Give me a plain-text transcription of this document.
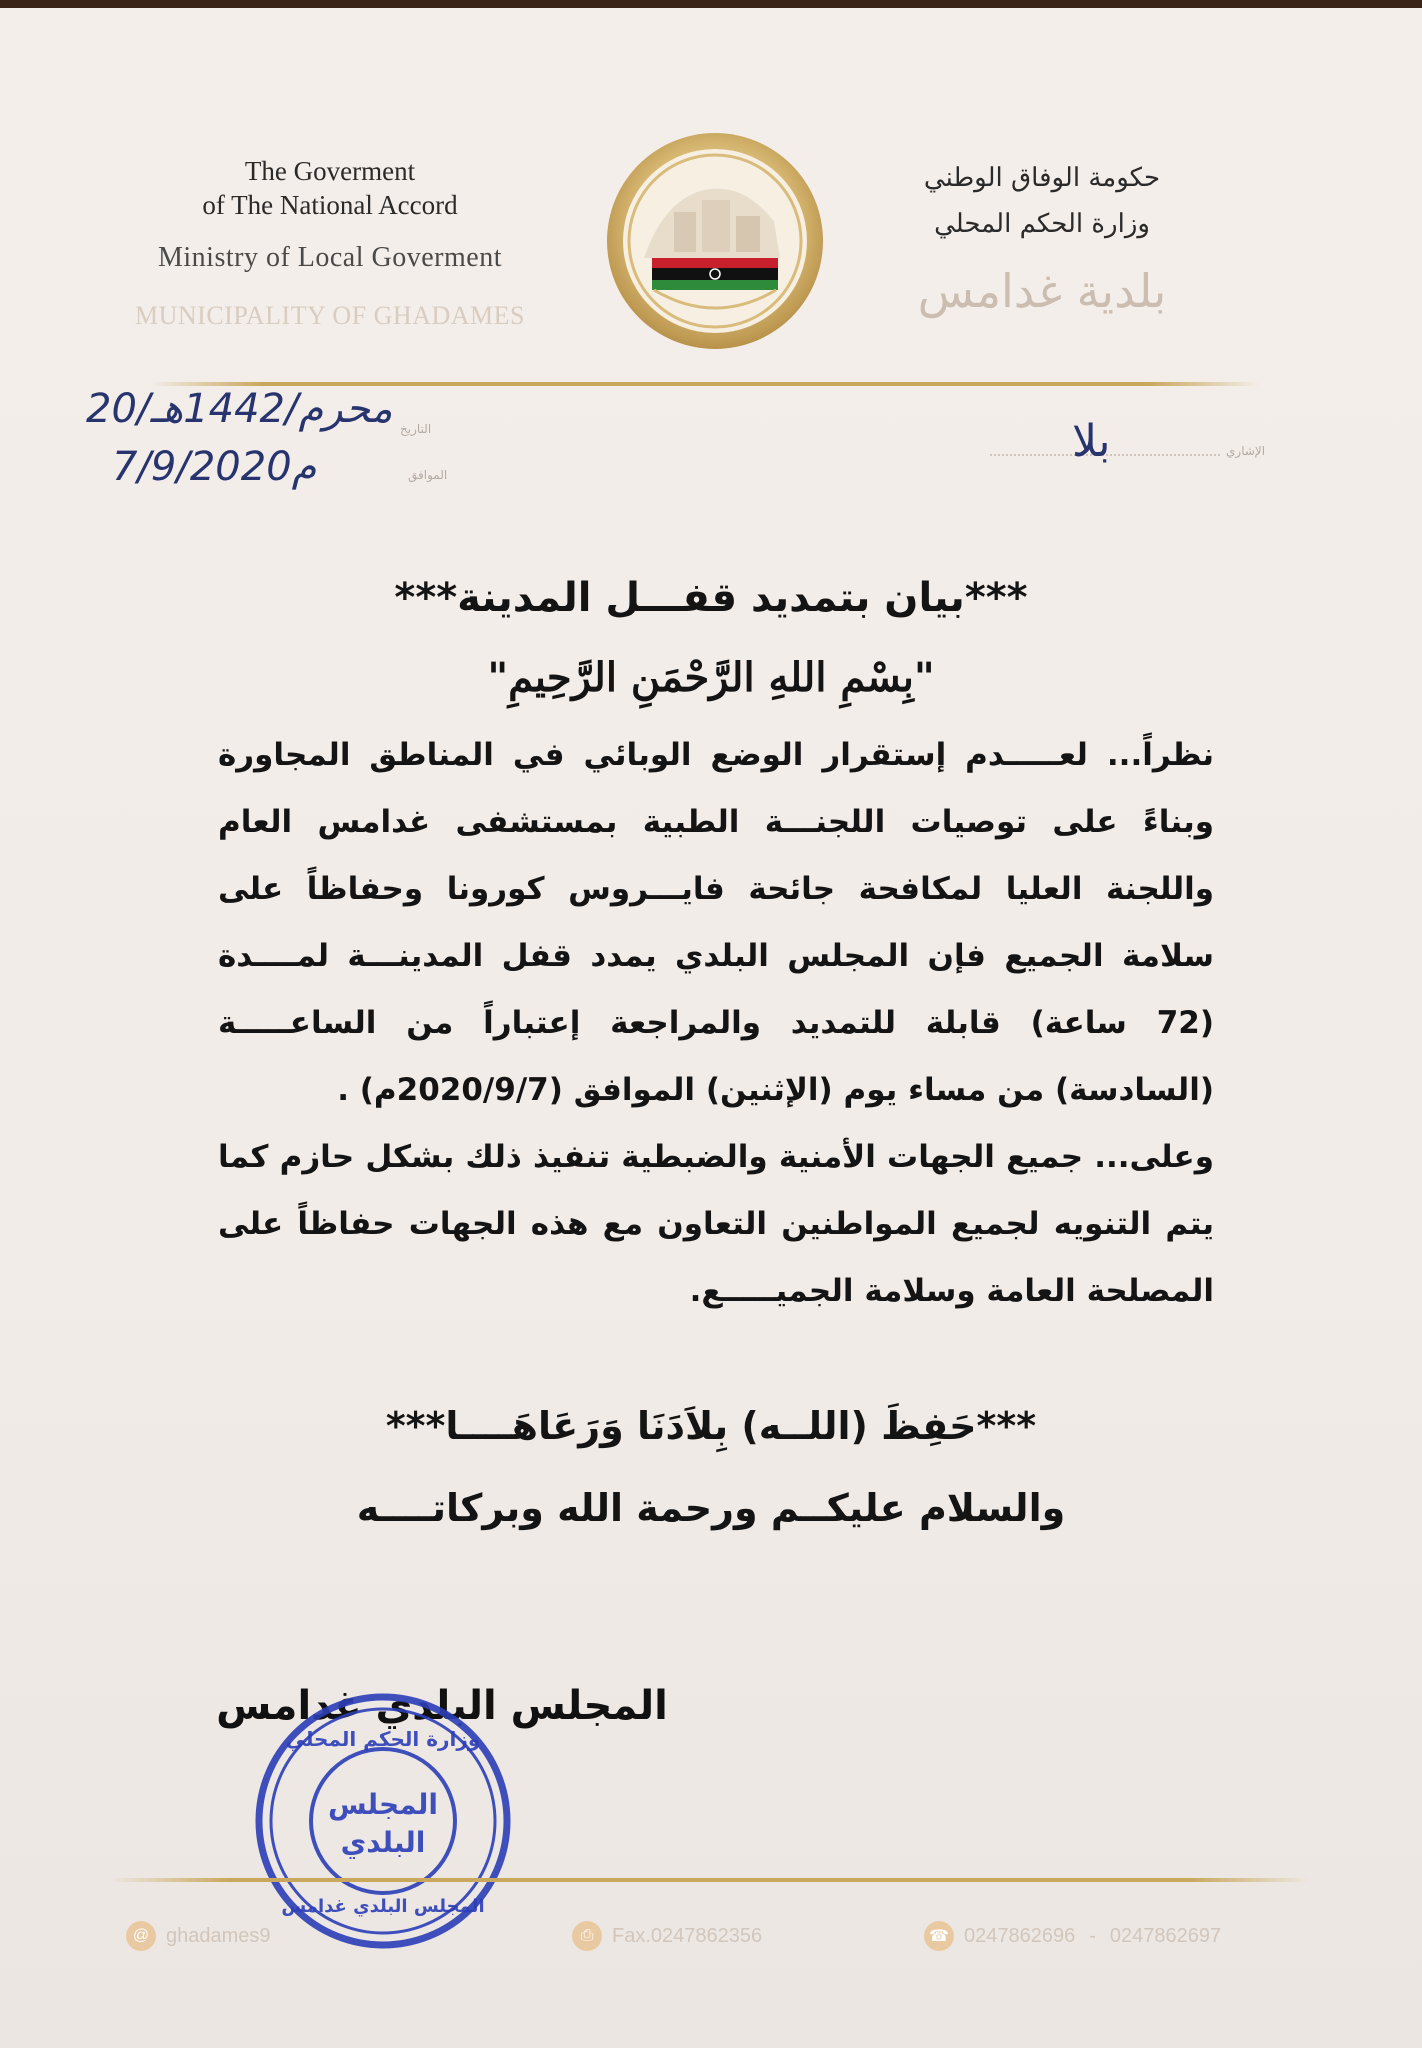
The Goverment
of The National Accord
Ministry of Local Goverment
MUNICIPALITY OF GHADAMES
حكومة الوفاق الوطني
وزارة الحكم المحلي
بلدية غدامس
20/محرم/1442هـ
7/9/2020م
التاريخ
الموافق
الإشاري
بلا
***بيان بتمديد قفـــل المدينة***
"بِسْمِ اللهِ الرَّحْمَنِ الرَّحِيمِ"

نظراً... لعـــــدم إستقرار الوضع الوبائي في المناطق المجاورة وبناءً على توصيات اللجنـــة الطبية بمستشفى غدامس العام واللجنة العليا لمكافحة جائحة فايـــروس كورونا وحفاظاً على سلامة الجميع فإن المجلس البلدي يمدد قفل المدينـــة لمــــدة (72 ساعة) قابلة للتمديد والمراجعة إعتباراً من الساعـــــة (السادسة) من مساء يوم (الإثنين) الموافق (2020/9/7م) .

وعلى... جميع الجهات الأمنية والضبطية تنفيذ ذلك بشكل حازم كما يتم التنويه لجميع المواطنين التعاون مع هذه الجهات حفاظاً على المصلحة العامة وسلامة الجميـــــع.

***حَفِظَ (اللــه) بِلاَدَنَا وَرَعَاهَــــا***
والسلام عليكــم ورحمة الله وبركاتــــه
المجلس البلدي غدامس
وزارة الحكم المحلي
المجلس البلدي غدامس
المجلس
البلدي
@ ghadames9	⎙ Fax.0247862356	☎ 0247862696 - 0247862697
